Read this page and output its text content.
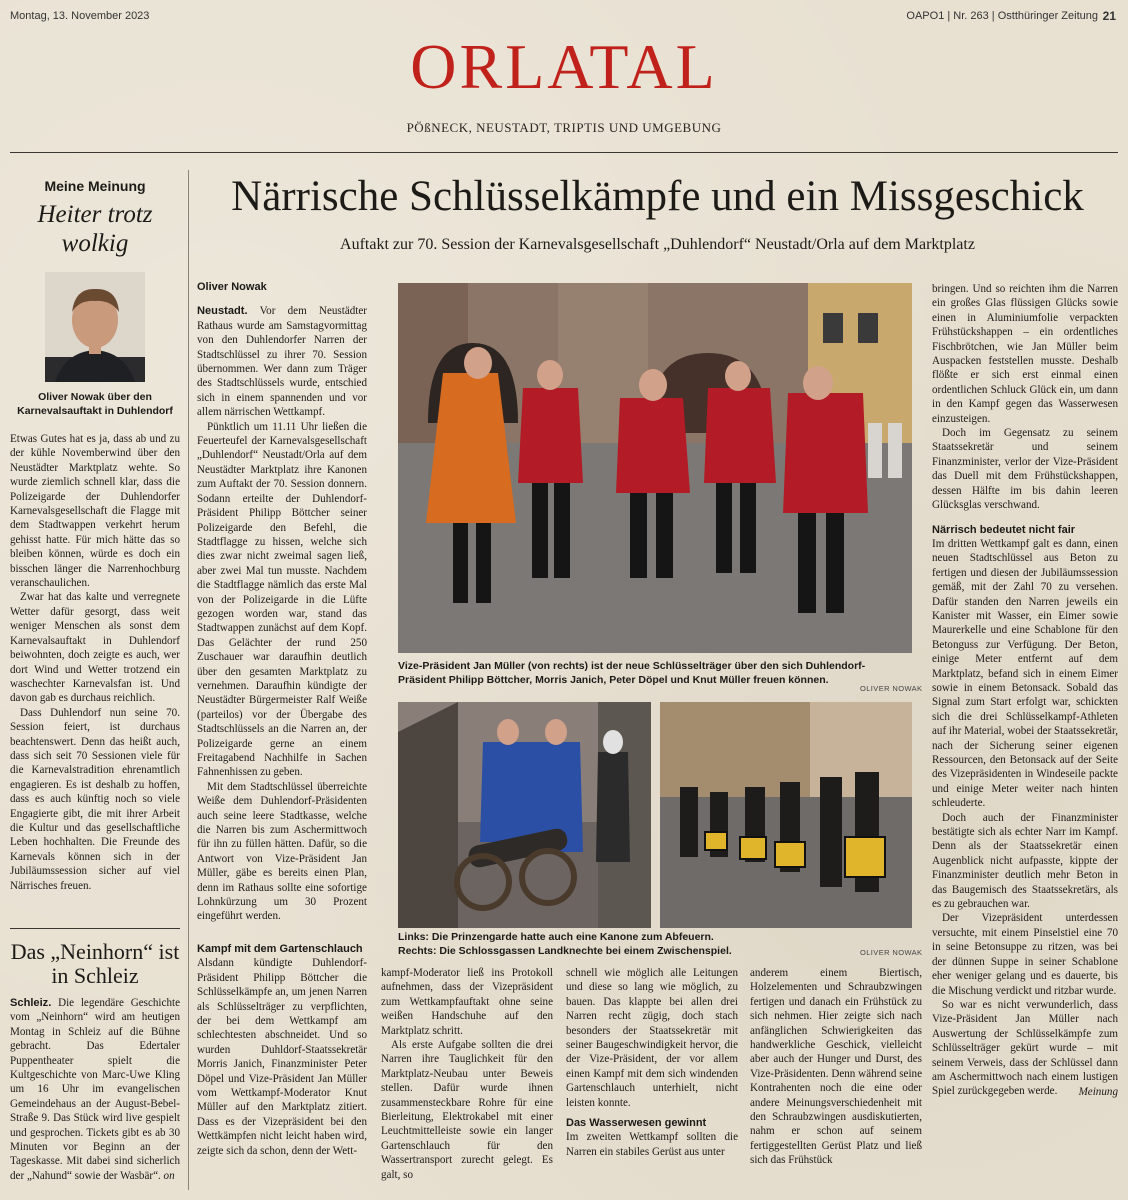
Montag, 13. November 2023	OAPO1 | Nr. 263 | Ostthüringer Zeitung 21
ORLATAL
PÖßNECK, NEUSTADT, TRIPTIS UND UMGEBUNG
Meine Meinung
Heiter trotz wolkig
Oliver Nowak über den Karnevalsauftakt in Duhlendorf

Etwas Gutes hat es ja, dass ab und zu der kühle Novemberwind über den Neustädter Marktplatz wehte. So wurde ziemlich schnell klar, dass die Polizeigarde der Duhlendorfer Karnevalsgesellschaft die Flagge mit dem Stadtwappen verkehrt herum gehisst hatte. Für mich hätte das so bleiben können, würde es doch ein bisschen länger die Narrenhochburg veranschaulichen.

Zwar hat das kalte und verregnete Wetter dafür gesorgt, dass weit weniger Menschen als sonst dem Karnevalsauftakt in Duhlendorf beiwohnten, doch zeigte es auch, wer dort Wind und Wetter trotzend ein waschechter Karnevalsfan ist. Und davon gab es durchaus reichlich.

Dass Duhlendorf nun seine 70. Session feiert, ist durchaus beachtenswert. Denn das heißt auch, dass sich seit 70 Sessionen viele für die Karnevalstradition ehrenamtlich engagieren. Es ist deshalb zu hoffen, dass es auch künftig noch so viele Engagierte gibt, die mit ihrer Arbeit die Kultur und das gesellschaftliche Leben hochhalten. Die Freunde des Karnevals können sich in der Jubiläumssession sicher auf viel Närrisches freuen.

Das „Neinhorn“ ist in Schleiz

Schleiz. Die legendäre Geschichte vom „Neinhorn“ wird am heutigen Montag in Schleiz auf die Bühne gebracht. Das Edertaler Puppentheater spielt die Kultgeschichte von Marc-Uwe Kling um 16 Uhr im evangelischen Gemeindehaus an der August-Bebel-Straße 9. Das Stück wird live gespielt und gesprochen. Tickets gibt es ab 30 Minuten vor Beginn an der Tageskasse. Mit dabei sind sicherlich der „Nahund“ sowie der Wasbär“. on

Närrische Schlüsselkämpfe und ein Missgeschick
Auftakt zur 70. Session der Karnevalsgesellschaft „Duhlendorf“ Neustadt/Orla auf dem Marktplatz
Oliver Nowak

Neustadt. Vor dem Neustädter Rathaus wurde am Samstagvormittag von den Duhlendorfer Narren der Stadtschlüssel zu ihrer 70. Session übernommen. Wer dann zum Träger des Stadtschlüssels wurde, entschied sich in einem spannenden und vor allem närrischen Wettkampf.

Pünktlich um 11.11 Uhr ließen die Feuerteufel der Karnevalsgesellschaft „Duhlendorf“ Neustadt/Orla auf dem Neustädter Marktplatz ihre Kanonen zum Auftakt der 70. Session donnern. Sodann erteilte der Duhlendorf-Präsident Philipp Böttcher seiner Polizeigarde den Befehl, die Stadtflagge zu hissen, welche sich dies zwar nicht zweimal sagen ließ, aber zwei Mal tun musste. Nachdem die Stadtflagge nämlich das erste Mal von der Polizeigarde in die Lüfte gezogen worden war, stand das Stadtwappen zunächst auf dem Kopf. Das Gelächter der rund 250 Zuschauer war daraufhin deutlich über den gesamten Marktplatz zu vernehmen. Daraufhin kündigte der Neustädter Bürgermeister Ralf Weiße (parteilos) vor der Übergabe des Stadtschlüssels an die Narren an, der Polizeigarde gerne an einem Freitagabend Nachhilfe in Sachen Fahnenhissen zu geben.

Mit dem Stadtschlüssel überreichte Weiße dem Duhlendorf-Präsidenten auch seine leere Stadtkasse, welche die Narren bis zum Aschermittwoch für ihn zu füllen hätten. Dafür, so die Antwort von Vize-Präsident Jan Müller, gäbe es bereits einen Plan, denn im Rathaus sollte eine sofortige Lohnkürzung um 30 Prozent eingeführt werden.

Kampf mit dem Gartenschlauch

Alsdann kündigte Duhlendorf-Präsident Philipp Böttcher die Schlüsselkämpfe an, um jenen Narren als Schlüsselträger zu verpflichten, der bei dem Wettkampf am schlechtesten abschneidet. Und so wurden Duhldorf-Staatssekretär Morris Janich, Finanzminister Peter Döpel und Vize-Präsident Jan Müller vom Wettkampf-Moderator Knut Müller auf den Marktplatz zitiert. Dass es der Vizepräsident bei den Wettkämpfen nicht leicht haben wird, zeigte sich da schon, denn der Wett-

kampf-Moderator ließ ins Protokoll aufnehmen, dass der Vizepräsident zum Wettkampfauftakt ohne seine weißen Handschuhe auf den Marktplatz schritt.

Als erste Aufgabe sollten die drei Narren ihre Tauglichkeit für den Marktplatz-Neubau unter Beweis stellen. Dafür wurde ihnen zusammensteckbare Rohre für eine Bierleitung, Elektrokabel mit einer Leuchtmittelleiste sowie ein langer Gartenschlauch für den Wassertransport zurecht gelegt. Es galt, so

schnell wie möglich alle Leitungen und diese so lang wie möglich, zu bauen. Das klappte bei allen drei Narren recht zügig, doch stach besonders der Staatssekretär mit seiner Baugeschwindigkeit hervor, die der Vize-Präsident, der vor allem einen Kampf mit dem sich windenden Gartenschlauch unterhielt, nicht leisten konnte.

Das Wasserwesen gewinnt

Im zweiten Wettkampf sollten die Narren ein stabiles Gerüst aus unter

anderem einem Biertisch, Holzelementen und Schraubzwingen fertigen und danach ein Frühstück zu sich nehmen. Hier zeigte sich nach anfänglichen Schwierigkeiten das handwerkliche Geschick, vielleicht aber auch der Hunger und Durst, des Vize-Präsidenten. Denn während seine Kontrahenten noch die eine oder andere Meinungsverschiedenheit mit den Schraubzwingen ausdiskutierten, nahm er schon auf seinem fertiggestellten Gerüst Platz und ließ sich das Frühstück

bringen. Und so reichten ihm die Narren ein großes Glas flüssigen Glücks sowie einen in Aluminiumfolie verpackten Frühstückshappen – ein ordentliches Fischbrötchen, wie Jan Müller beim Auspacken feststellen musste. Deshalb flößte er sich erst einmal einen ordentlichen Schluck Glück ein, um dann in den Kampf gegen das Wasserwesen einzusteigen.

Doch im Gegensatz zu seinem Staatssekretär und seinem Finanzminister, verlor der Vize-Präsident das Duell mit dem Frühstückshappen, dessen Hälfte im bis dahin leeren Glücksglas verschwand.

Närrisch bedeutet nicht fair

Im dritten Wettkampf galt es dann, einen neuen Stadtschlüssel aus Beton zu fertigen und diesen der Jubiläumssession gemäß, mit der Zahl 70 zu versehen. Dafür standen den Narren jeweils ein Kanister mit Wasser, ein Eimer sowie Maurerkelle und eine Schablone für den Betonguss zur Verfügung. Der Beton, einige Meter entfernt auf dem Marktplatz, befand sich in einem Eimer sowie in einem Betonsack. Sobald das Signal zum Start erfolgt war, schickten sich die drei Schlüsselkampf-Athleten auf ihr Material, wobei der Staatssekretär, nach der Sicherung seiner eigenen Ressourcen, den Betonsack auf der Seite des Vizepräsidenten in Windeseile packte und einige Meter weiter nach hinten schleuderte.

Doch auch der Finanzminister bestätigte sich als echter Narr im Kampf. Denn als der Staatssekretär einen Augenblick nicht aufpasste, kippte der Finanzminister deutlich mehr Beton in das Baugemisch des Staatssekretärs, als es zu gebrauchen war.

Der Vizepräsident unterdessen versuchte, mit einem Pinselstiel eine 70 in seine Betonsuppe zu ritzen, was bei der dünnen Suppe in seiner Schablone eher weniger gelang und es dauerte, bis die Mischung verdickt und ritzbar wurde.

So war es nicht verwunderlich, dass Vize-Präsident Jan Müller nach Auswertung der Schlüsselkämpfe zum Schlüsselträger gekürt wurde – mit seinem Verweis, dass der Schlüssel dann am Aschermittwoch nach einem lustigen Spiel zurückgegeben werde.	Meinung

Vize-Präsident Jan Müller (von rechts) ist der neue Schlüsselträger über den sich Duhlendorf-Präsident Philipp Böttcher, Morris Janich, Peter Döpel und Knut Müller freuen können.
OLIVER NOWAK
Links: Die Prinzengarde hatte auch eine Kanone zum Abfeuern.
Rechts: Die Schlossgassen Landknechte bei einem Zwischenspiel.	OLIVER NOWAK
